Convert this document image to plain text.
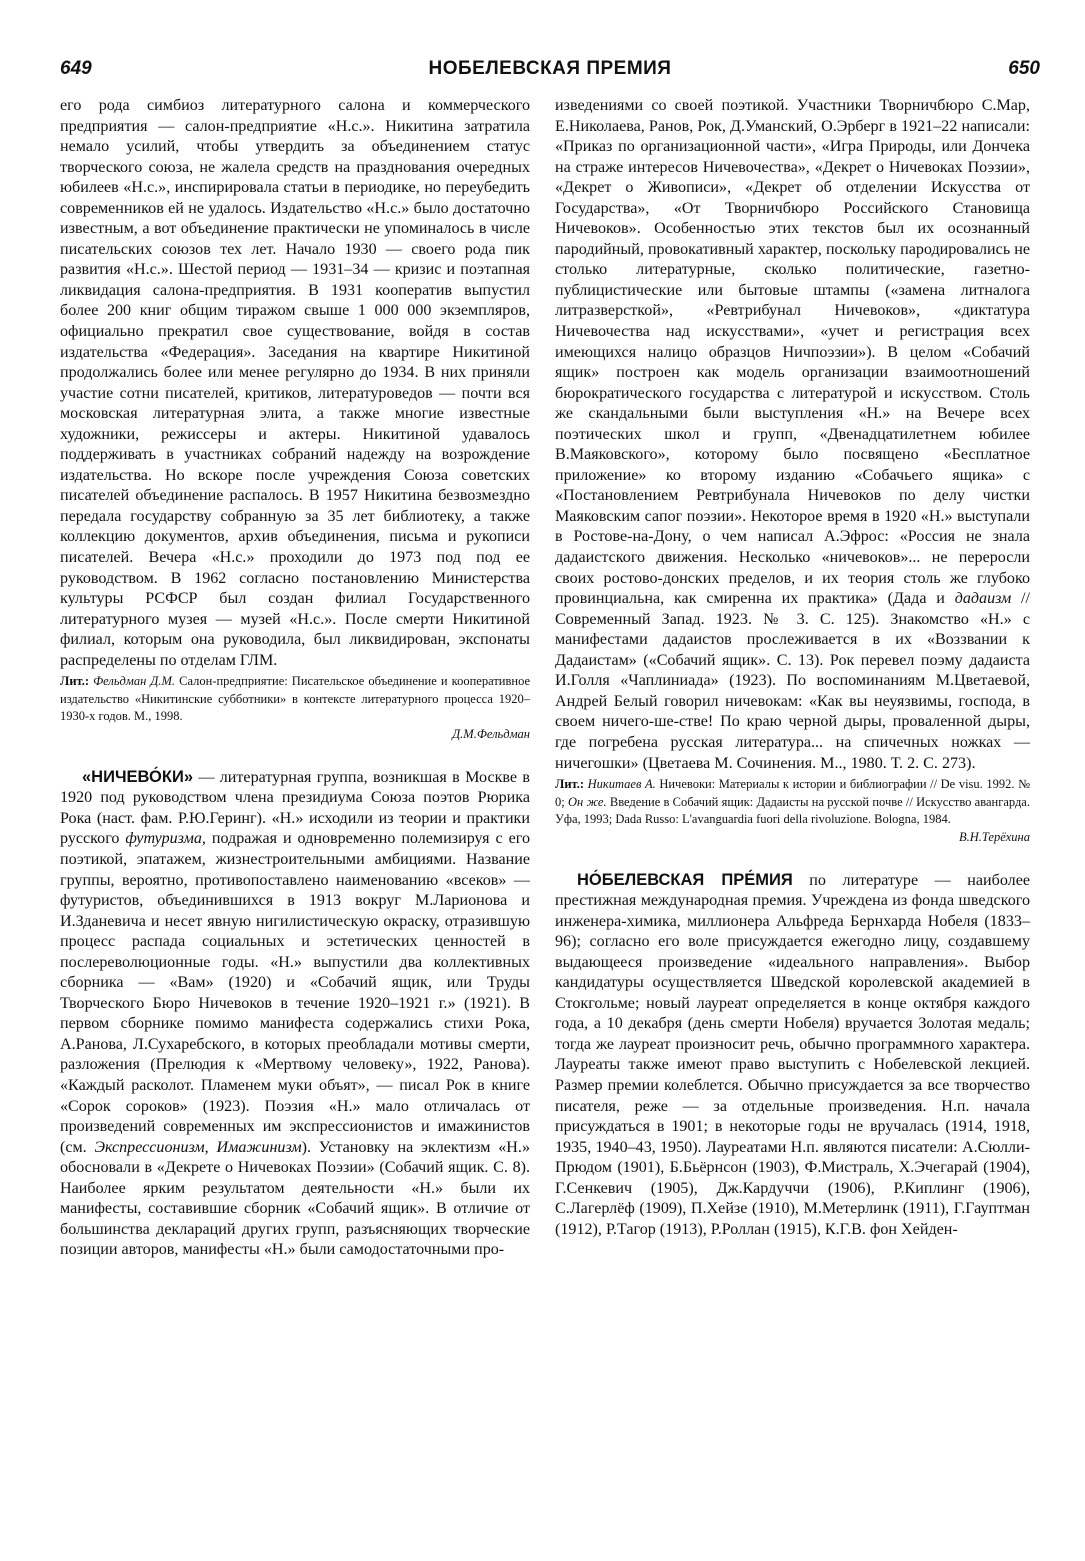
649	НОБЕЛЕВСКАЯ ПРЕМИЯ	650

его рода симбиоз литературного салона и коммерческого предприятия — салон-предприятие «Н.с.». Никитина затратила немало усилий, чтобы утвердить за объединением статус творческого союза, не жалела средств на празднования очередных юбилеев «Н.с.», инспирировала статьи в периодике, но переубедить современников ей не удалось. Издательство «Н.с.» было достаточно известным, а вот объединение практически не упоминалось в числе писательских союзов тех лет. Начало 1930 — своего рода пик развития «Н.с.». Шестой период — 1931–34 — кризис и поэтапная ликвидация салона-предприятия. В 1931 кооператив выпустил более 200 книг общим тиражом свыше 1 000 000 экземпляров, официально прекратил свое существование, войдя в состав издательства «Федерация». Заседания на квартире Никитиной продолжались более или менее регулярно до 1934. В них приняли участие сотни писателей, критиков, литературоведов — почти вся московская литературная элита, а также многие известные художники, режиссеры и актеры. Никитиной удавалось поддерживать в участниках собраний надежду на возрождение издательства. Но вскоре после учреждения Союза советских писателей объединение распалось. В 1957 Никитина безвозмездно передала государству собранную за 35 лет библиотеку, а также коллекцию документов, архив объединения, письма и рукописи писателей. Вечера «Н.с.» проходили до 1973 под под ее руководством. В 1962 согласно постановлению Министерства культуры РСФСР был создан филиал Государственного литературного музея — музей «Н.с.». После смерти Никитиной филиал, которым она руководила, был ликвидирован, экспонаты распределены по отделам ГЛМ.

Лит.: Фельдман Д.М. Салон-предприятие: Писательское объединение и кооперативное издательство «Никитинские субботники» в контексте литературного процесса 1920–1930-х годов. М., 1998.

Д.М.Фельдман

«НИЧЕВО́КИ» — литературная группа, возникшая в Москве в 1920 под руководством члена президиума Союза поэтов Рюрика Рока (наст. фам. Р.Ю.Геринг). «Н.» исходили из теории и практики русского футуризма, подражая и одновременно полемизируя с его поэтикой, эпатажем, жизнестроительными амбициями. Название группы, вероятно, противопоставлено наименованию «всеков» — футуристов, объединившихся в 1913 вокруг М.Ларионова и И.Зданевича и несет явную нигилистическую окраску, отразившую процесс распада социальных и эстетических ценностей в послереволюционные годы. «Н.» выпустили два коллективных сборника — «Вам» (1920) и «Собачий ящик, или Труды Творческого Бюро Ничевоков в течение 1920–1921 г.» (1921). В первом сборнике помимо манифеста содержались стихи Рока, А.Ранова, Л.Сухаребского, в которых преобладали мотивы смерти, разложения (Прелюдия к «Мертвому человеку», 1922, Ранова). «Каждый расколот. Пламенем муки объят», — писал Рок в книге «Сорок сороков» (1923). Поэзия «Н.» мало отличалась от произведений современных им экспрессионистов и имажинистов (см. Экспрессионизм, Имажинизм). Установку на эклектизм «Н.» обосновали в «Декрете о Ничевоках Поэзии» (Собачий ящик. С. 8). Наиболее ярким результатом деятельности «Н.» были их манифесты, составившие сборник «Собачий ящик». В отличие от большинства деклараций других групп, разъясняющих творческие позиции авторов, манифесты «Н.» были самодостаточными про-

изведениями со своей поэтикой. Участники Творничбюро С.Мар, Е.Николаева, Ранов, Рок, Д.Уманский, О.Эрберг в 1921–22 написали: «Приказ по организационной части», «Игра Природы, или Дончека на страже интересов Ничевочества», «Декрет о Ничевоках Поэзии», «Декрет о Живописи», «Декрет об отделении Искусства от Государства», «От Творничбюро Российского Становища Ничевоков». Особенностью этих текстов был их осознанный пародийный, провокативный характер, поскольку пародировались не столько литературные, сколько политические, газетно-публицистические или бытовые штампы («замена литналога литразверсткой», «Ревтрибунал Ничевоков», «диктатура Ничевочества над искусствами», «учет и регистрация всех имеющихся налицо образцов Ничпоэзии»). В целом «Собачий ящик» построен как модель организации взаимоотношений бюрократического государства с литературой и искусством. Столь же скандальными были выступления «Н.» на Вечере всех поэтических школ и групп, «Двенадцатилетнем юбилее В.Маяковского», которому было посвящено «Бесплатное приложение» ко второму изданию «Собачьего ящика» с «Постановлением Ревтрибунала Ничевоков по делу чистки Маяковским сапог поэзии». Некоторое время в 1920 «Н.» выступали в Ростове-на-Дону, о чем написал А.Эфрос: «Россия не знала дадаистского движения. Несколько «ничевоков»... не переросли своих ростово-донских пределов, и их теория столь же глубоко провинциальна, как смиренна их практика» (Дада и дадаизм // Современный Запад. 1923. № 3. С. 125). Знакомство «Н.» с манифестами дадаистов прослеживается в их «Воззвании к Дадаистам» («Собачий ящик». С. 13). Рок перевел поэму дадаиста И.Голля «Чаплиниада» (1923). По воспоминаниям М.Цветаевой, Андрей Белый говорил ничевокам: «Как вы неуязвимы, господа, в своем ничего-ше-стве! По краю черной дыры, провaленной дыры, где погребена русская литература... на спичечных ножках — ничегошки» (Цветаева М. Сочинения. М.., 1980. Т. 2. С. 273).

Лит.: Никитаев А. Ничевоки: Материалы к истории и библиографии // De visu. 1992. № 0; Он же. Введение в Собачий ящик: Дадаисты на русской почве // Искусство авангарда. Уфа, 1993; Dada Russo: L'avanguardia fuori della rivoluzione. Bologna, 1984.

В.Н.Терёхина

НО́БЕЛЕВСКАЯ ПРЕ́МИЯ по литературе — наиболее престижная международная премия. Учреждена из фонда шведского инженера-химика, миллионера Альфреда Бернхарда Нобеля (1833–96); согласно его воле присуждается ежегодно лицу, создавшему выдающееся произведение «идеального направления». Выбор кандидатуры осуществляется Шведской королевской академией в Стокгольме; новый лауреат определяется в конце октября каждого года, а 10 декабря (день смерти Нобеля) вручается Золотая медаль; тогда же лауреат произносит речь, обычно программного характера. Лауреаты также имеют право выступить с Нобелевской лекцией. Размер премии колеблется. Обычно присуждается за все творчество писателя, реже — за отдельные произведения. Н.п. начала присуждаться в 1901; в некоторые годы не вручалась (1914, 1918, 1935, 1940–43, 1950). Лауреатами Н.п. являются писатели: А.Сюлли-Прюдом (1901), Б.Бьёрнсон (1903), Ф.Мистраль, Х.Эчегарай (1904), Г.Сенкевич (1905), Дж.Кардуччи (1906), Р.Киплинг (1906), С.Лагерлёф (1909), П.Хейзе (1910), М.Метерлинк (1911), Г.Гауптман (1912), Р.Тагор (1913), Р.Роллан (1915), К.Г.В. фон Хейден-
